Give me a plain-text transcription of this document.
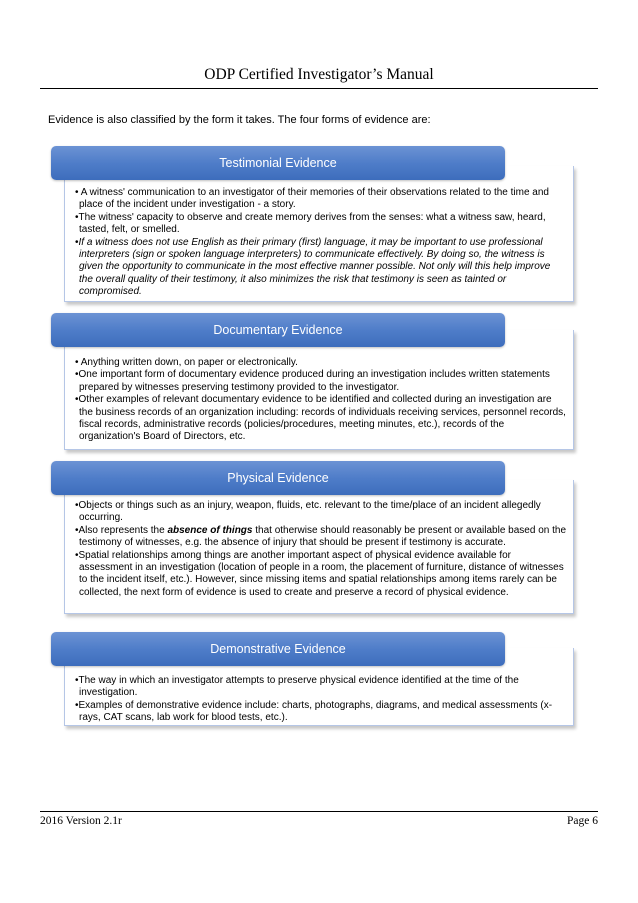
ODP Certified Investigator’s Manual
Evidence is also classified by the form it takes. The four forms of evidence are:

• A witness' communication to an investigator of their memories of their observations related to the time and place of the incident under investigation - a story.

•The witness' capacity to observe and create memory derives from the senses: what a witness saw, heard, tasted, felt, or smelled.

•If a witness does not use English as their primary (first) language, it may be important to use professional interpreters (sign or spoken language interpreters) to communicate effectively. By doing so, the witness is given the opportunity to communicate in the most effective manner possible. Not only will this help improve the overall quality of their testimony, it also minimizes the risk that testimony is seen as tainted or compromised.

Testimonial Evidence

• Anything written down, on paper or electronically.

•One important form of documentary evidence produced during an investigation includes written statements prepared by witnesses preserving testimony provided to the investigator.

•Other examples of relevant documentary evidence to be identified and collected during an investigation are the business records of an organization including: records of individuals receiving services, personnel records, fiscal records, administrative records (policies/procedures, meeting minutes, etc.), records of the organization's Board of Directors, etc.

Documentary Evidence

•Objects or things such as an injury, weapon, fluids, etc. relevant to the time/place of an incident allegedly occurring.

•Also represents the absence of things that otherwise should reasonably be present or available based on the testimony of witnesses, e.g. the absence of injury that should be present if testimony is accurate.

•Spatial relationships among things are another important aspect of physical evidence available for assessment in an investigation (location of people in a room, the placement of furniture, distance of witnesses to the incident itself, etc.). However, since missing items and spatial relationships among items rarely can be collected, the next form of evidence is used to create and preserve a record of physical evidence.

Physical Evidence

•The way in which an investigator attempts to preserve physical evidence identified at the time of the investigation.

•Examples of demonstrative evidence include: charts, photographs, diagrams, and medical assessments (x-rays, CAT scans, lab work for blood tests, etc.).

Demonstrative Evidence
2016 Version 2.1r	Page 6
